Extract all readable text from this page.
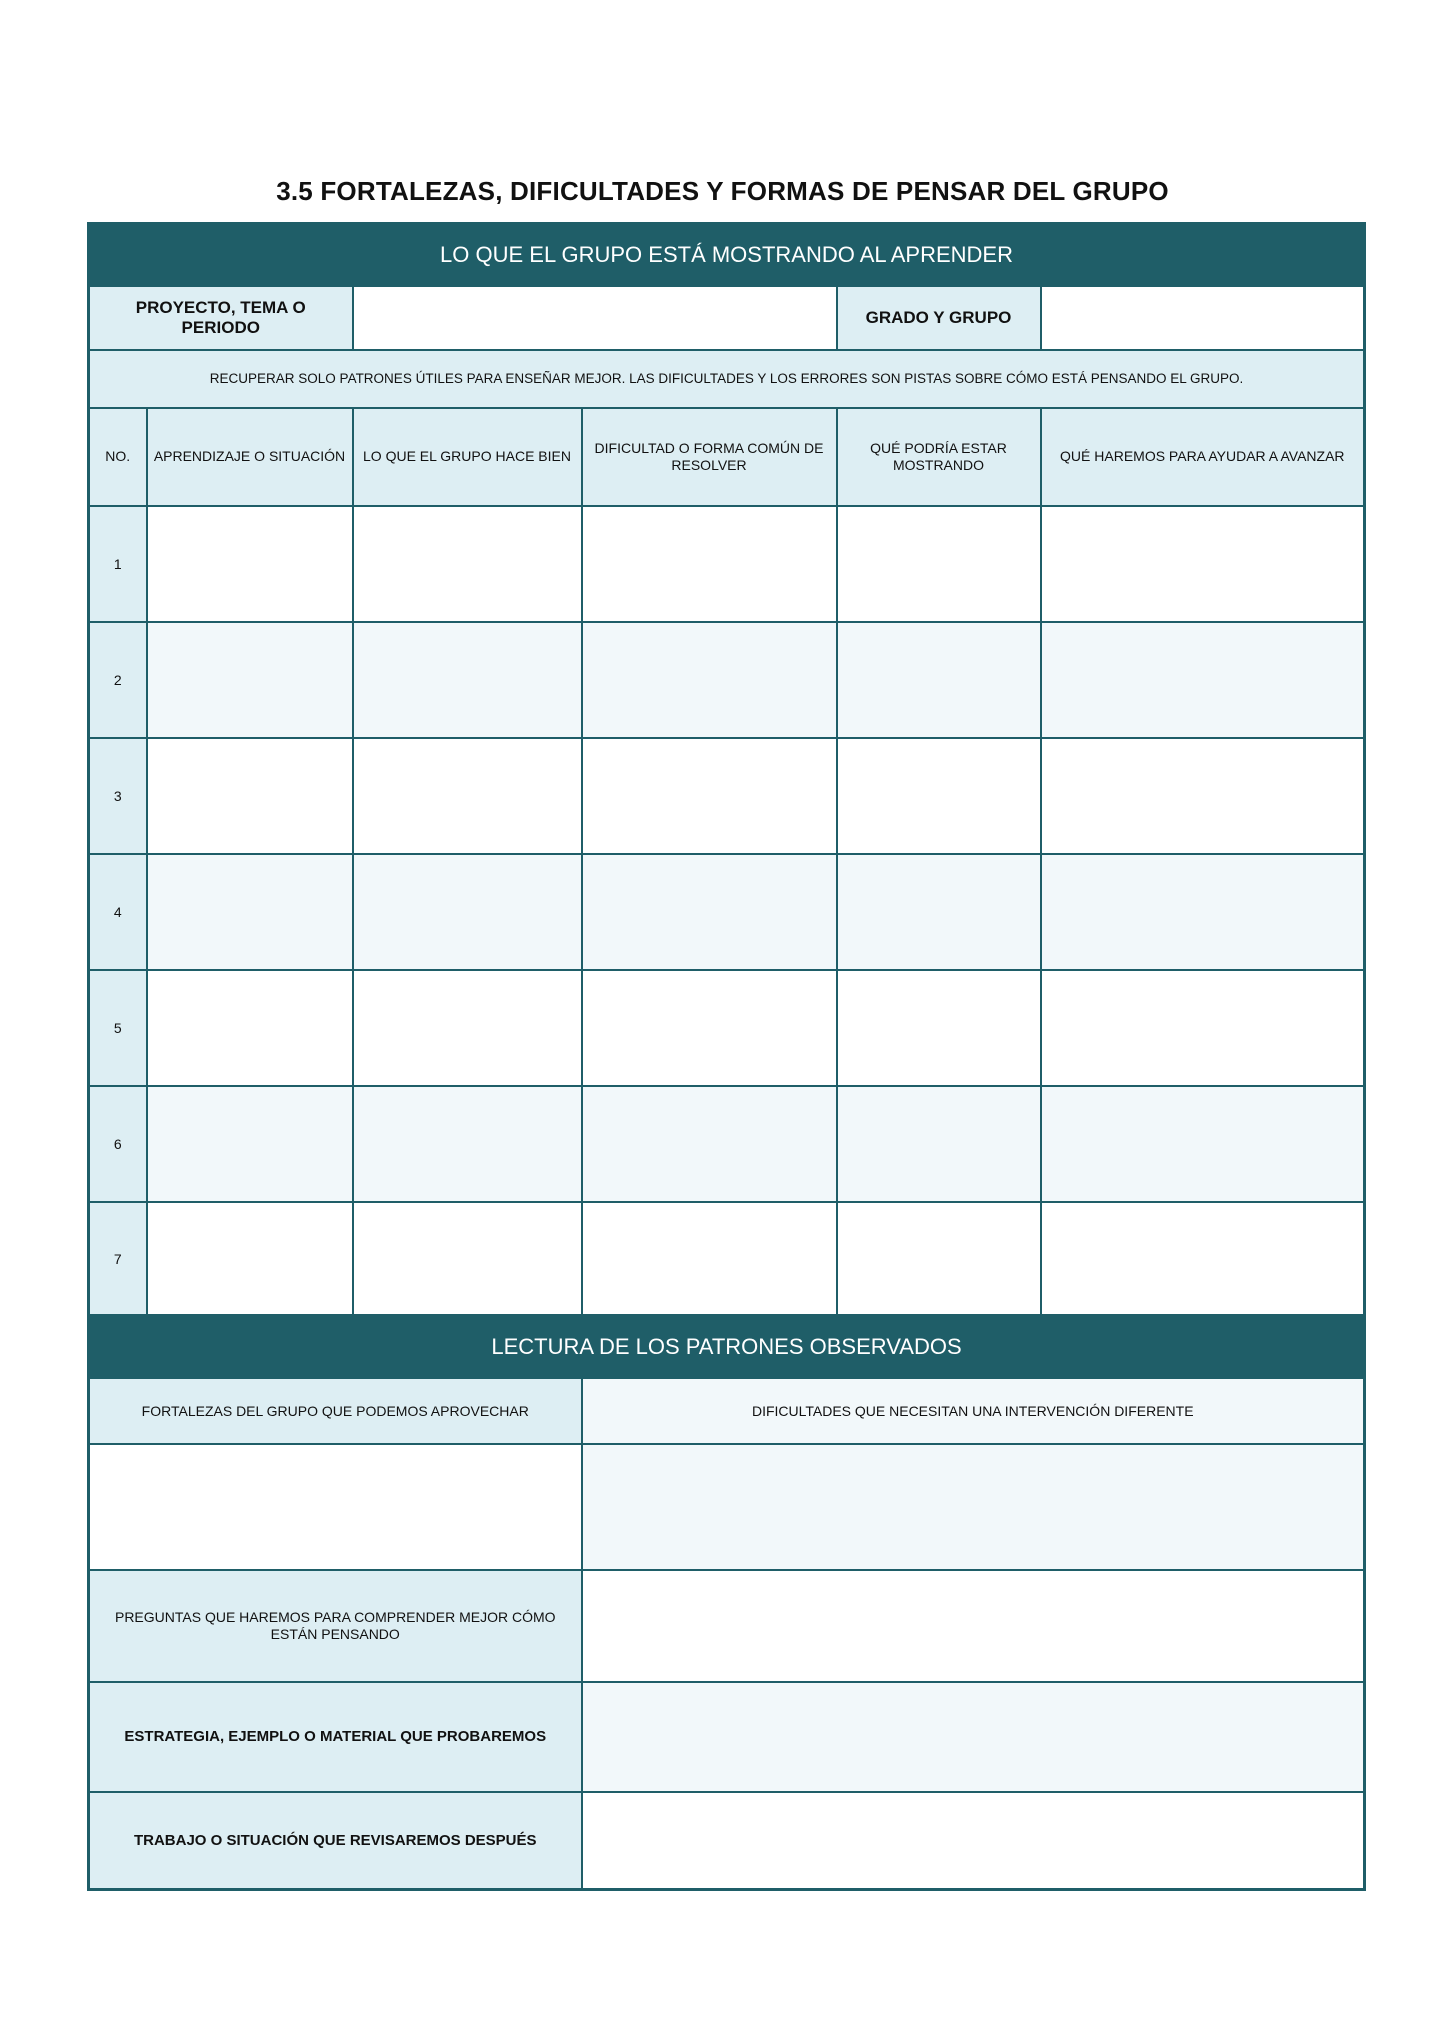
3.5 FORTALEZAS, DIFICULTADES Y FORMAS DE PENSAR DEL GRUPO
LO QUE EL GRUPO ESTÁ MOSTRANDO AL APRENDER					
PROYECTO, TEMA O PERIODO				GRADO Y GRUPO	
RECUPERAR SOLO PATRONES ÚTILES PARA ENSEÑAR MEJOR. LAS DIFICULTADES Y LOS ERRORES SON PISTAS SOBRE CÓMO ESTÁ PENSANDO EL GRUPO.					
NO.	APRENDIZAJE O SITUACIÓN	LO QUE EL GRUPO HACE BIEN	DIFICULTAD O FORMA COMÚN DE RESOLVER	QUÉ PODRÍA ESTAR MOSTRANDO	QUÉ HAREMOS PARA AYUDAR A AVANZAR
1					
2					
3					
4					
5					
6					
7					
LECTURA DE LOS PATRONES OBSERVADOS	
FORTALEZAS DEL GRUPO QUE PODEMOS APROVECHAR	DIFICULTADES QUE NECESITAN UNA INTERVENCIÓN DIFERENTE

PREGUNTAS QUE HAREMOS PARA COMPRENDER MEJOR CÓMO ESTÁN PENSANDO	
ESTRATEGIA, EJEMPLO O MATERIAL QUE PROBAREMOS	
TRABAJO O SITUACIÓN QUE REVISAREMOS DESPUÉS	
